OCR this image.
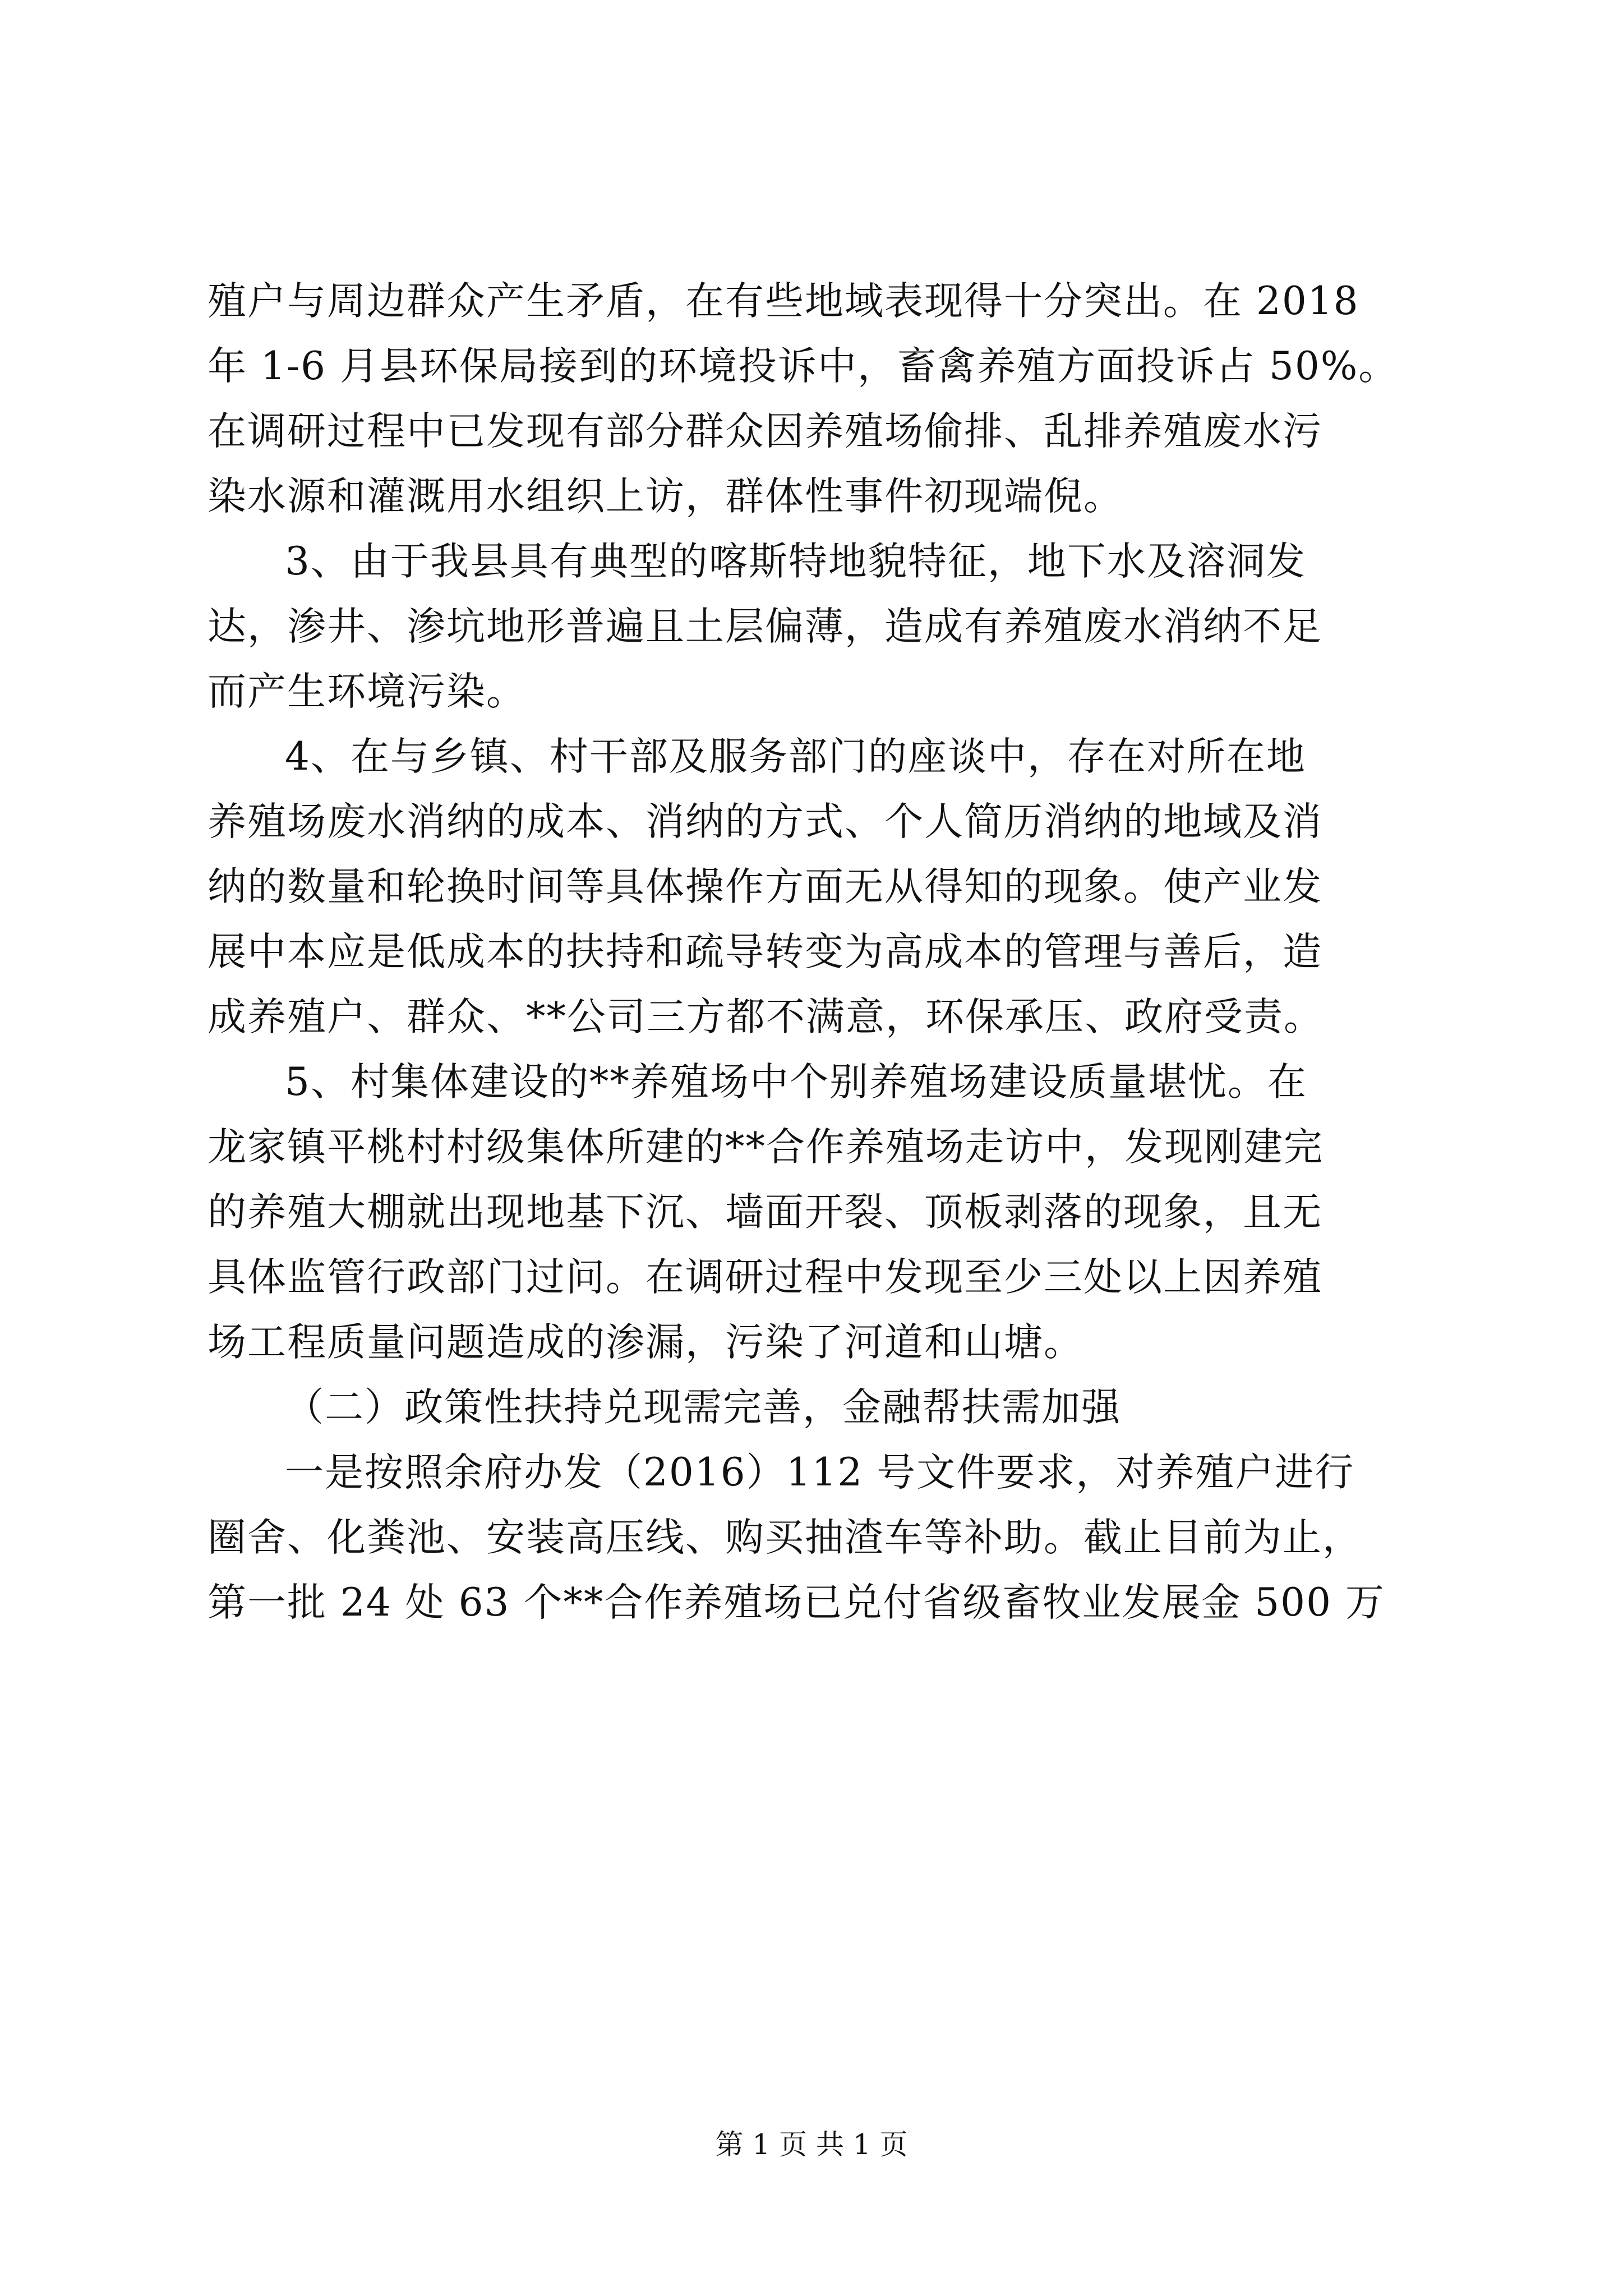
殖户与周边群众产生矛盾，在有些地域表现得十分突出。在 2018
年 1-6 月县环保局接到的环境投诉中，畜禽养殖方面投诉占 50%。
在调研过程中已发现有部分群众因养殖场偷排、乱排养殖废水污
染水源和灌溉用水组织上访，群体性事件初现端倪。
3、由于我县具有典型的喀斯特地貌特征，地下水及溶洞发
达，渗井、渗坑地形普遍且土层偏薄，造成有养殖废水消纳不足
而产生环境污染。
4、在与乡镇、村干部及服务部门的座谈中，存在对所在地
养殖场废水消纳的成本、消纳的方式、个人简历消纳的地域及消
纳的数量和轮换时间等具体操作方面无从得知的现象。使产业发
展中本应是低成本的扶持和疏导转变为高成本的管理与善后，造
成养殖户、群众、**公司三方都不满意，环保承压、政府受责。
5、村集体建设的**养殖场中个别养殖场建设质量堪忧。在
龙家镇平桃村村级集体所建的**合作养殖场走访中，发现刚建完
的养殖大棚就出现地基下沉、墙面开裂、顶板剥落的现象，且无
具体监管行政部门过问。在调研过程中发现至少三处以上因养殖
场工程质量问题造成的渗漏，污染了河道和山塘。
（二）政策性扶持兑现需完善，金融帮扶需加强
一是按照余府办发（2016）112 号文件要求，对养殖户进行
圈舍、化粪池、安装高压线、购买抽渣车等补助。截止目前为止，
第一批 24 处 63 个**合作养殖场已兑付省级畜牧业发展金 500 万
第 1 页 共 1 页
